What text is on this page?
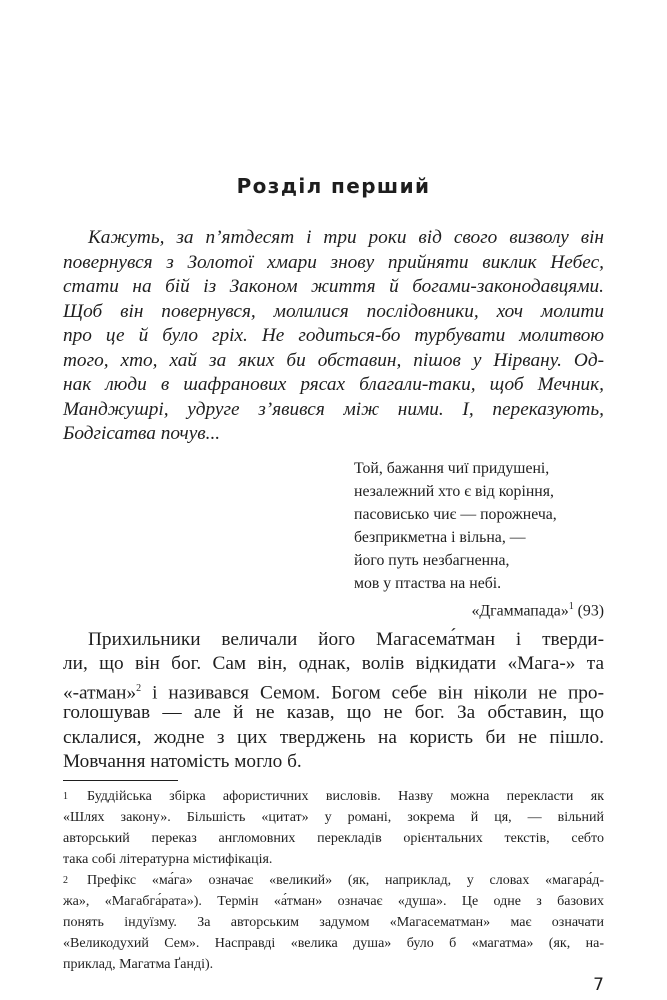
Розділ перший

Кажуть, за п’ятдесят і три роки від свого визволу він

повернувся з Золотої хмари знову прийняти виклик Небес,

стати на бій із Законом життя й богами-законодавцями.

Щоб він повернувся, молилися послідовники, хоч молити

про це й було гріх. Не годиться-бо турбувати молитвою

того, хто, хай за яких би обставин, пішов у Нірвану. Од-

нак люди в шафранових рясах благали-таки, щоб Мечник,

Манджушрі, удруге з’явився між ними. І, переказують,

Бодгісатва почув...

Той, бажання чиї придушені,

незалежний хто є від коріння,

пасовисько чиє — порожнеча,

безприкметна і вільна, —

його путь незбагненна,

мов у птаства на небі.

«Дгаммапада»$^1$ (93)

Прихильники величали його Магасема́тман і тверди-

ли, що він бог. Сам він, однак, волів відкидати «Мага-» та

«-атман»$^2$ і називався Семом. Богом себе він ніколи не про-

голошував — але й не казав, що не бог. За обставин, що

склалися, жодне з цих тверджень на користь би не пішло.

Мовчання натомість могло б.

1 Буддійська збірка афористичних висловів. Назву можна перекласти як

«Шлях закону». Більшість «цитат» у романі, зокрема й ця, — вільний

авторський переказ англомовних перекладів орієнтальних текстів, себто

така собі літературна містифікація.

2 Префікс «ма́га» означає «великий» (як, наприклад, у словах «магара́д-

жа», «Магабга́рата»). Термін «а́тман» означає «душа». Це одне з базових

понять індуїзму. За авторським задумом «Магасематман» має означати

«Великодухий Сем». Насправді «велика душа» було б «магатма» (як, на-

приклад, Магатма Ґанді).

7
